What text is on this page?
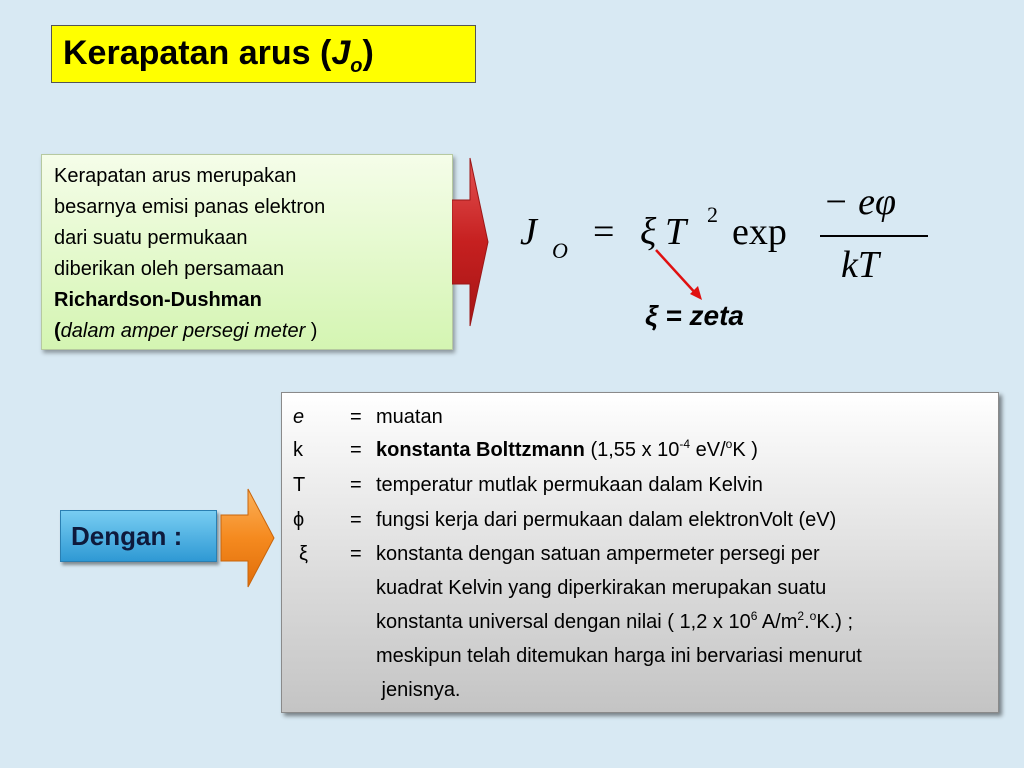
Kerapatan arus $(J_o)$
Kerapatan arus merupakan
besarnya emisi panas elektron
dari suatu permukaan
diberikan oleh persamaan
Richardson-Dushman
(dalam amper persegi meter )
J O = ξ T 2 exp
− eφ
kT
ξ = zeta
Dengan :
e = muatan
k = konstanta Bolttzmann (1,55 x $10^{-4}$ eV/$^o$K )
T = temperatur mutlak permukaan dalam Kelvin
ϕ = fungsi kerja dari permukaan dalam elektronVolt (eV)
ξ = konstanta dengan satuan ampermeter persegi per
kuadrat Kelvin yang diperkirakan merupakan suatu
konstanta universal dengan nilai ( 1,2 x $10^6$ $A/m^2.^oK$.) ;
meskipun telah ditemukan harga ini bervariasi menurut
jenisnya.
